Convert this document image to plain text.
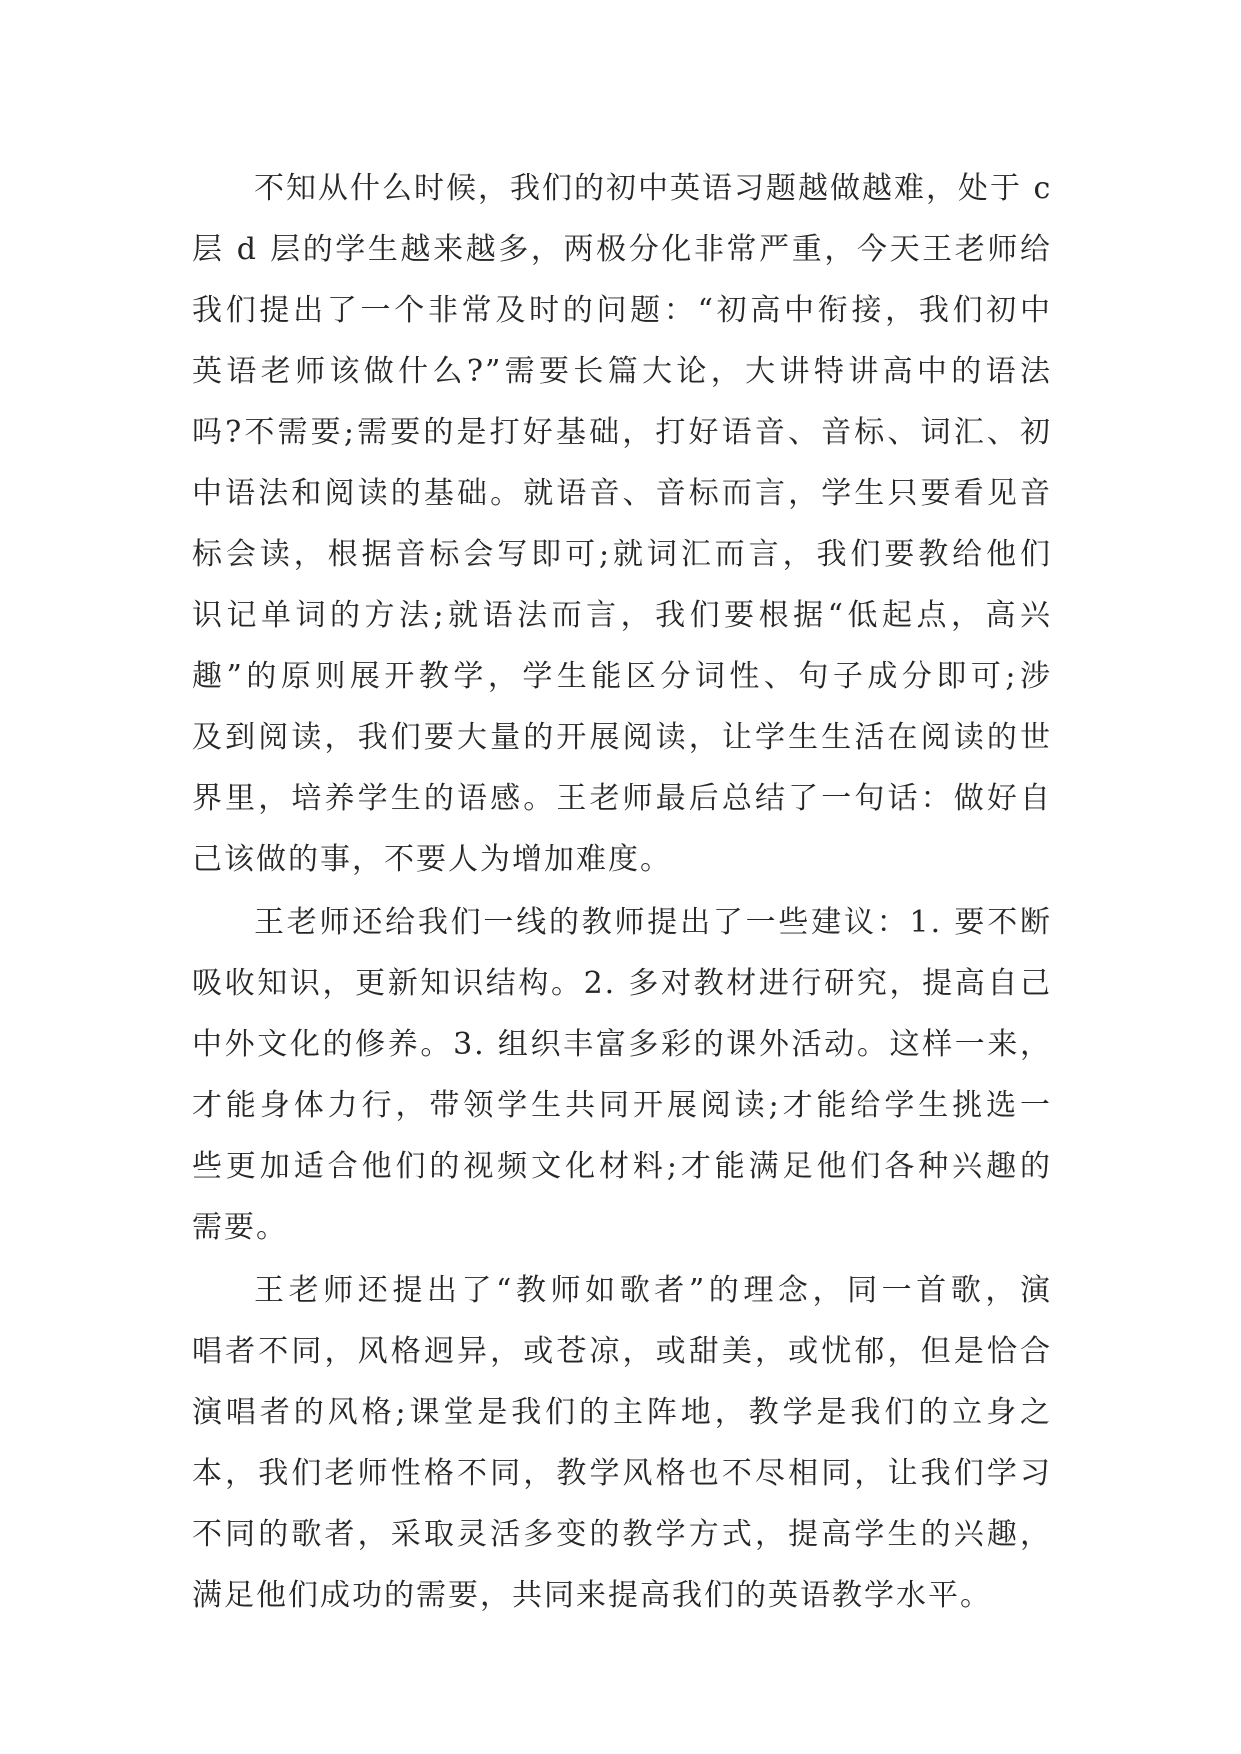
不知从什么时候，我们的初中英语习题越做越难，处于 c
层 d 层的学生越来越多，两极分化非常严重，今天王老师给
我们提出了一个非常及时的问题：“初高中衔接，我们初中
英语老师该做什么?”需要长篇大论，大讲特讲高中的语法
吗?不需要;需要的是打好基础，打好语音、音标、词汇、初
中语法和阅读的基础。就语音、音标而言，学生只要看见音
标会读，根据音标会写即可;就词汇而言，我们要教给他们
识记单词的方法;就语法而言，我们要根据“低起点，高兴
趣”的原则展开教学，学生能区分词性、句子成分即可;涉
及到阅读，我们要大量的开展阅读，让学生生活在阅读的世
界里，培养学生的语感。王老师最后总结了一句话：做好自
己该做的事，不要人为增加难度。
王老师还给我们一线的教师提出了一些建议：1. 要不断
吸收知识，更新知识结构。2. 多对教材进行研究，提高自己
中外文化的修养。3. 组织丰富多彩的课外活动。这样一来，
才能身体力行，带领学生共同开展阅读;才能给学生挑选一
些更加适合他们的视频文化材料;才能满足他们各种兴趣的
需要。
王老师还提出了“教师如歌者”的理念，同一首歌，演
唱者不同，风格迥异，或苍凉，或甜美，或忧郁，但是恰合
演唱者的风格;课堂是我们的主阵地，教学是我们的立身之
本，我们老师性格不同，教学风格也不尽相同，让我们学习
不同的歌者，采取灵活多变的教学方式，提高学生的兴趣，
满足他们成功的需要，共同来提高我们的英语教学水平。
